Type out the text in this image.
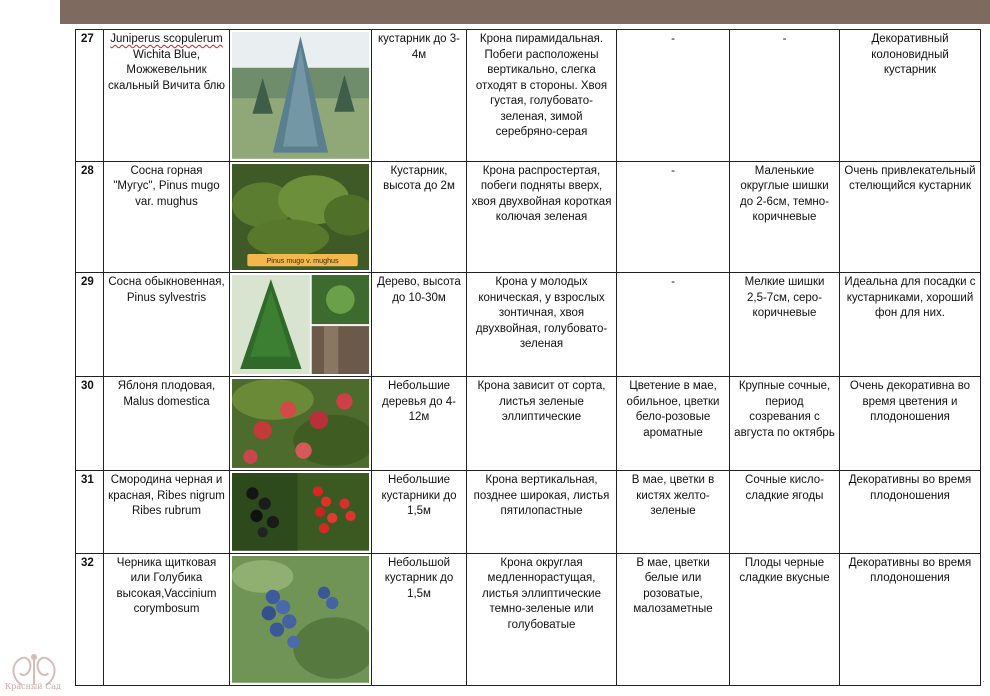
27	Juniperus scopulerum Wichita Blue, Можжевельник скальный Вичита блю		кустарник до 3-4м	Крона пирамидальная. Побеги расположены вертикально, слегка отходят в стороны. Хвоя густая, голубовато-зеленая, зимой серебряно-серая	-	-	Декоративный колоновидный кустарник
28	Сосна горная "Мугус", Pinus mugo var. mughus	Pinus mugo v. mughus	Кустарник, высота до 2м	Крона распростертая, побеги подняты вверх, хвоя двухвойная короткая колючая зеленая	-	Маленькие округлые шишки до 2-6см, темно-коричневые	Очень привлекательный стелющийся кустарник
29	Сосна обыкновенная, Pinus sylvestris		Дерево, высота до 10-30м	Крона у молодых коническая, у взрослых зонтичная, хвоя двухвойная, голубовато-зеленая	-	Мелкие шишки 2,5-7см, серо-коричневые	Идеальна для посадки с кустарниками, хороший фон для них.
30	Яблоня плодовая, Malus domestica		Небольшие деревья до 4-12м	Крона зависит от сорта, листья зеленые эллиптические	Цветение в мае, обильное, цветки бело-розовые ароматные	Крупные сочные, период созревания с августа по октябрь	Очень декоративна во время цветения и плодоношения
31	Смородина черная и красная, Ribes nigrum Ribes rubrum		Небольшие кустарники до 1,5м	Крона вертикальная, позднее широкая, листья пятилопастные	В мае, цветки в кистях желто-зеленые	Сочные кисло-сладкие ягоды	Декоративны во время плодоношения
32	Черника щитковая или Голубика высокая,Vaccinium corymbosum		Небольшой кустарник до 1,5м	Крона округлая медленнорастущая, листья эллиптические темно-зеленые или голубоватые	В мае, цветки белые или розоватые, малозаметные	Плоды черные сладкие вкусные	Декоративны во время плодоношения
Красный Сад
·
